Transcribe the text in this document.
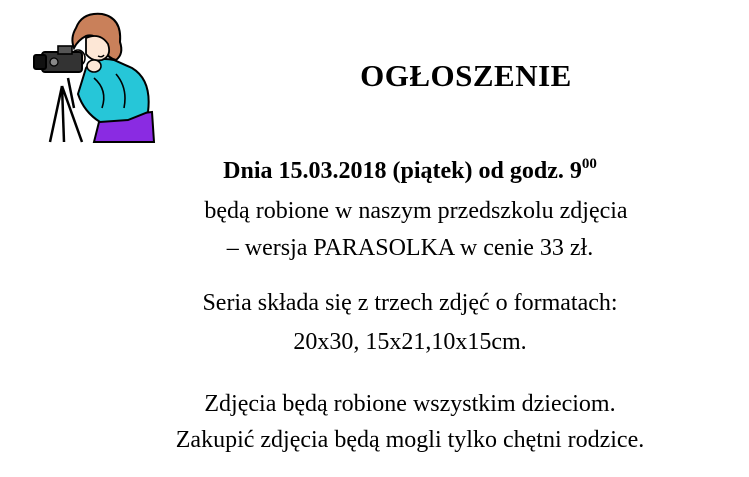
OGŁOSZENIE
Dnia 15.03.2018 (piątek) od godz. $9^{00}$
będą robione w naszym przedszkolu zdjęcia
– wersja PARASOLKA w cenie 33 zł.
Seria składa się z trzech zdjęć o formatach:
20x30, 15x21,10x15cm.
Zdjęcia będą robione wszystkim dzieciom.
Zakupić zdjęcia będą mogli tylko chętni rodzice.
